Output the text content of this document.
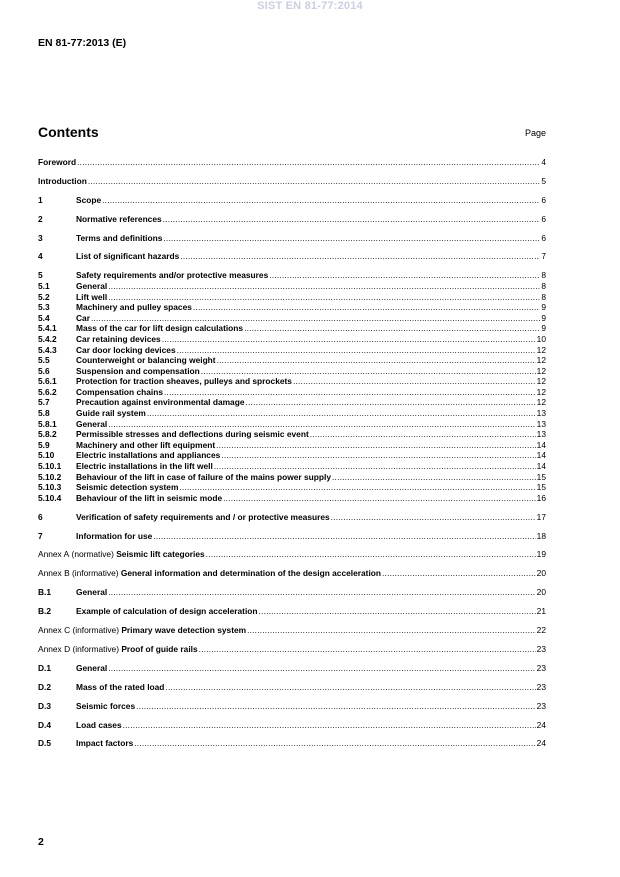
SIST EN 81-77:2014
EN 81-77:2013 (E)
Contents	Page
Foreword .....	4
Introduction .....	5
1	Scope .....	6
2	Normative references .....	6
3	Terms and definitions .....	6
4	List of significant hazards .....	7
5	Safety requirements and/or protective measures .....	8
5.1	General .....	8
5.2	Lift well .....	8
5.3	Machinery and pulley spaces .....	9
5.4	Car .....	9
5.4.1	Mass of the car for lift design calculations .....	9
5.4.2	Car retaining devices .....	10
5.4.3	Car door locking devices .....	12
5.5	Counterweight or balancing weight .....	12
5.6	Suspension and compensation .....	12
5.6.1	Protection for traction sheaves, pulleys and sprockets .....	12
5.6.2	Compensation chains .....	12
5.7	Precaution against environmental damage .....	12
5.8	Guide rail system .....	13
5.8.1	General .....	13
5.8.2	Permissible stresses and deflections during seismic event .....	13
5.9	Machinery and other lift equipment .....	14
5.10	Electric installations and appliances .....	14
5.10.1	Electric installations in the lift well .....	14
5.10.2	Behaviour of the lift in case of failure of the mains power supply .....	15
5.10.3	Seismic detection system .....	15
5.10.4	Behaviour of the lift in seismic mode .....	16
6	Verification of safety requirements and / or protective measures .....	17
7	Information for use .....	18
Annex A (normative) Seismic lift categories .....	19
Annex B (informative) General information and determination of the design acceleration .....	20
B.1	General .....	20
B.2	Example of calculation of design acceleration .....	21
Annex C (informative) Primary wave detection system .....	22
Annex D (informative) Proof of guide rails .....	23
D.1	General .....	23
D.2	Mass of the rated load .....	23
D.3	Seismic forces .....	23
D.4	Load cases .....	24
D.5	Impact factors .....	24
2
